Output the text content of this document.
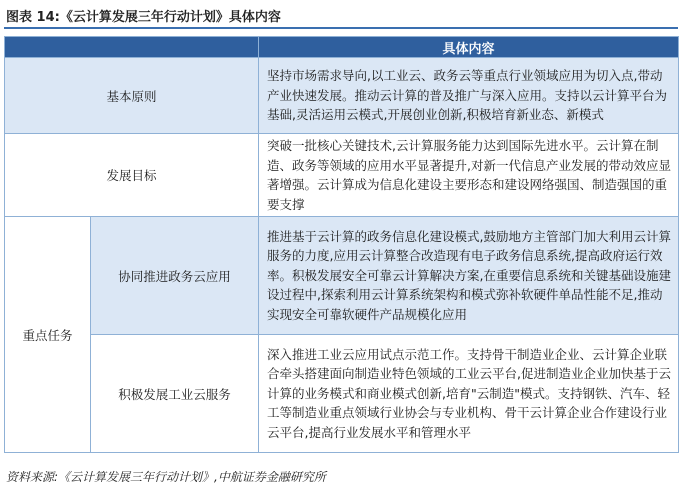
图表 14:《云计算发展三年行动计划》具体内容
		具体内容
基本原则		坚持市场需求导向,以工业云、政务云等重点行业领域应用为切入点,带动产业快速发展。推动云计算的普及推广与深入应用。支持以云计算平台为基础,灵活运用云模式,开展创业创新,积极培育新业态、新模式
发展目标		突破一批核心关键技术,云计算服务能力达到国际先进水平。云计算在制造、政务等领域的应用水平显著提升,对新一代信息产业发展的带动效应显著增强。云计算成为信息化建设主要形态和建设网络强国、制造强国的重要支撑
重点任务	协同推进政务云应用	推进基于云计算的政务信息化建设模式,鼓励地方主管部门加大利用云计算服务的力度,应用云计算整合改造现有电子政务信息系统,提高政府运行效率。积极发展安全可靠云计算解决方案,在重要信息系统和关键基础设施建设过程中,探索利用云计算系统架构和模式弥补软硬件单品性能不足,推动实现安全可靠软硬件产品规模化应用
	积极发展工业云服务	深入推进工业云应用试点示范工作。支持骨干制造业企业、云计算企业联合牵头搭建面向制造业特色领域的工业云平台,促进制造业企业加快基于云计算的业务模式和商业模式创新,培育"云制造"模式。支持钢铁、汽车、轻工等制造业重点领域行业协会与专业机构、骨干云计算企业合作建设行业云平台,提高行业发展水平和管理水平
资料来源:《云计算发展三年行动计划》,中航证券金融研究所
